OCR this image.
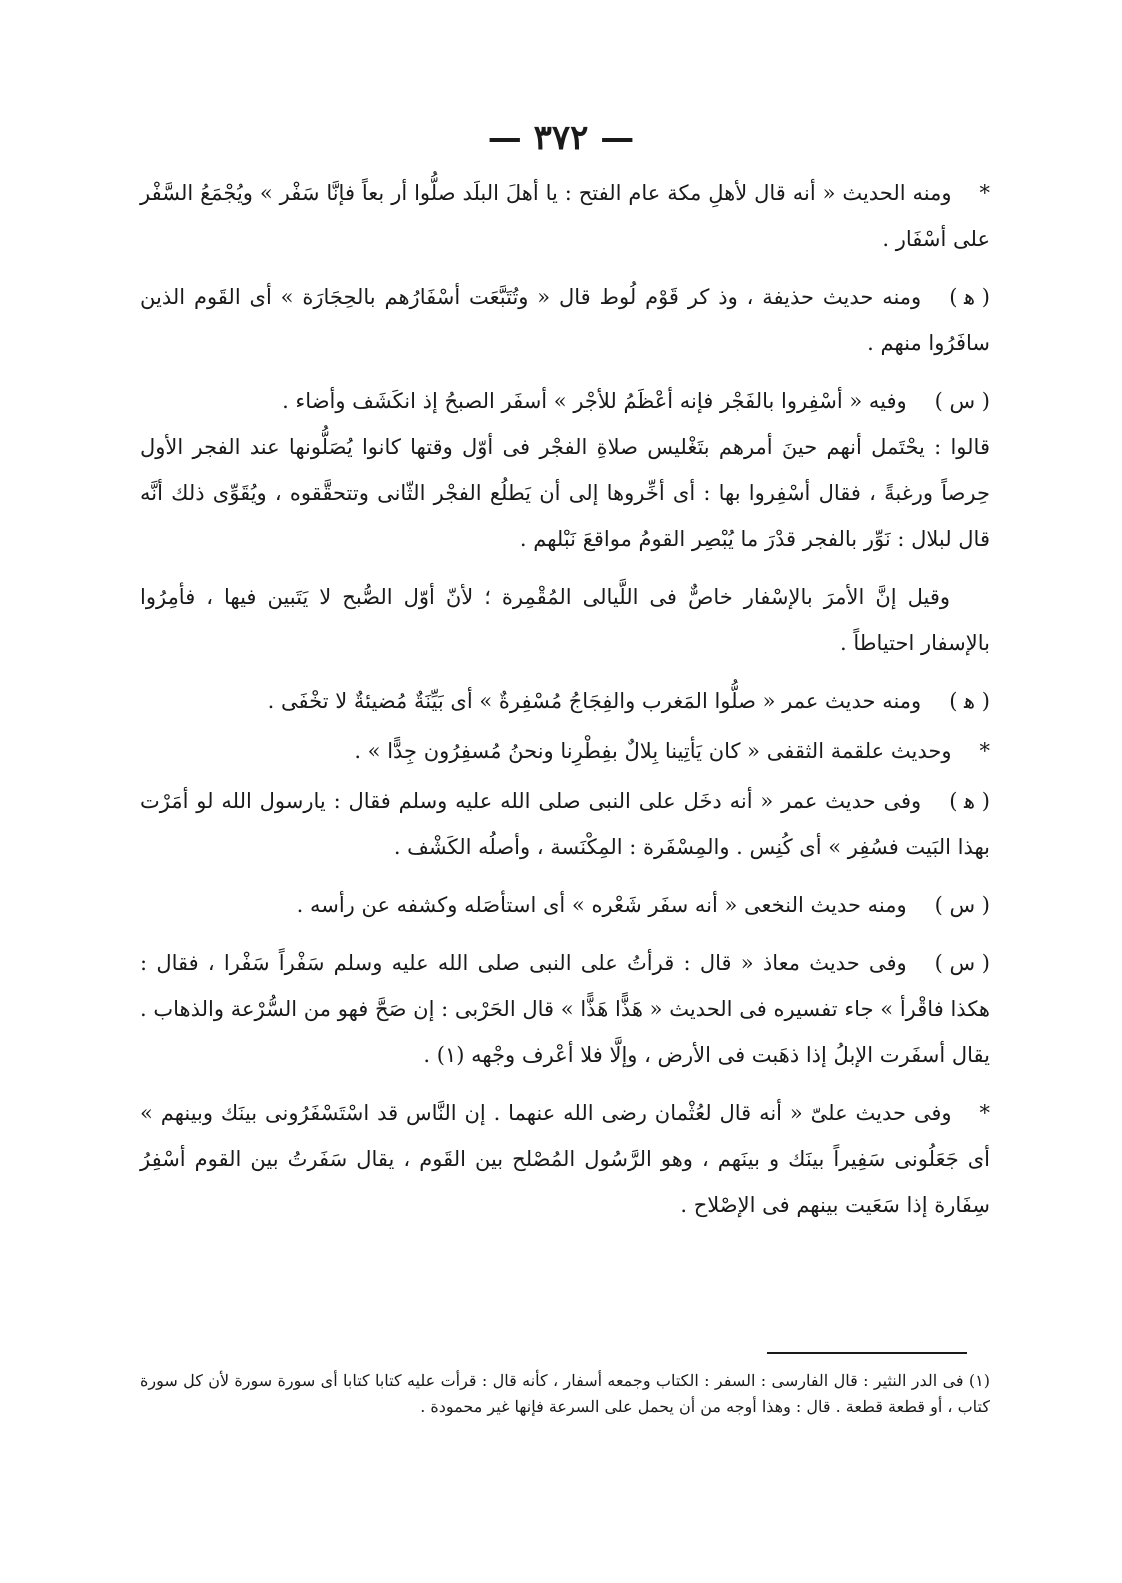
— ٣٧٢ —

*ومنه الحديث « أنه قال لأهلِ مكة عام الفتح : يا أهلَ البلَد صلُّوا أر بعاً فإنَّا سَفْر » ويُجْمَعُ السَّفْر على أسْفَار .

( ﻫ )ومنه حديث حذيفة ، وذ كر قَوْم لُوط قال « وتُتَبَّعَت أسْفَارُهم بالحِجَارَة » أى القَوم الذين سافَرُوا منهم .

( س )وفيه « أسْفِروا بالفَجْر فإنه أعْظَمُ للأجْر » أسفَر الصبحُ إذ انكَشَف وأضاء .

قالوا : يحْتَمل أنهم حينَ أمرهم بتَغْليس صلاةِ الفجْر فى أوّل وقتها كانوا يُصَلُّونها عند الفجر الأول حِرصاً ورغبةً ، فقال أسْفِروا بها : أى أخِّروها إلى أن يَطلُع الفجْر الثّانى وتتحقَّقوه ، ويُقَوِّى ذلك أنَّه قال لبلال : نَوِّر بالفجر قدْرَ ما يُبْصِر القومُ مواقعَ نَبْلهم .

وقيل إنَّ الأمرَ بالإسْفار خاصٌّ فى اللَّيالى المُقْمِرة ؛ لأنّ أوّل الصُّبح لا يَتَبين فيها ، فأمِرُوا بالإسفار احتياطاً .

( ﻫ )ومنه حديث عمر « صلُّوا المَغرب والفِجَاجُ مُسْفِرةٌ » أى بَيِّنَةٌ مُضيئةٌ لا تخْفَى .

*وحديث علقمة الثقفى « كان يَأتِينا بِلالٌ بفِطْرِنا ونحنُ مُسفِرُون جِدًّا » .

( ﻫ )وفى حديث عمر « أنه دخَل على النبى صلى الله عليه وسلم فقال : يارسول الله لو أمَرْت بهذا البَيت فسُفِر » أى كُنِس . والمِسْفَرة : المِكْنَسة ، وأصلُه الكَشْف .

( س )ومنه حديث النخعى « أنه سفَر شَعْره » أى استأصَله وكشفه عن رأسه .

( س )وفى حديث معاذ « قال : قرأتُ على النبى صلى الله عليه وسلم سَفْراً سَفْرا ، فقال : هكذا فاقْرأ » جاء تفسيره فى الحديث « هَذًّا هَذًّا » قال الحَرْبى : إن صَحَّ فهو من السُّرْعة والذهاب . يقال أسفَرت الإبلُ إذا ذهَبت فى الأرض ، وإلَّا فلا أعْرف وجْهه (١) .

*وفى حديث علىّ « أنه قال لعُثْمان رضى الله عنهما . إن النَّاس قد اسْتَسْفَرُونى بينَك وبينهم » أى جَعَلُونى سَفِيراً بينَك و بينَهم ، وهو الرَّسُول المُصْلح بين القَوم ، يقال سَفَرتُ بين القوم أسْفِرُ سِفَارة إذا سَعَيت بينهم فى الإصْلاح .

(١) فى الدر النثير : قال الفارسى : السفر : الكتاب وجمعه أسفار ، كأنه قال : قرأت عليه كتابا كتابا أى سورة سورة لأن كل سورة كتاب ، أو قطعة قطعة . قال : وهذا أوجه من أن يحمل على السرعة فإنها غير محمودة .
